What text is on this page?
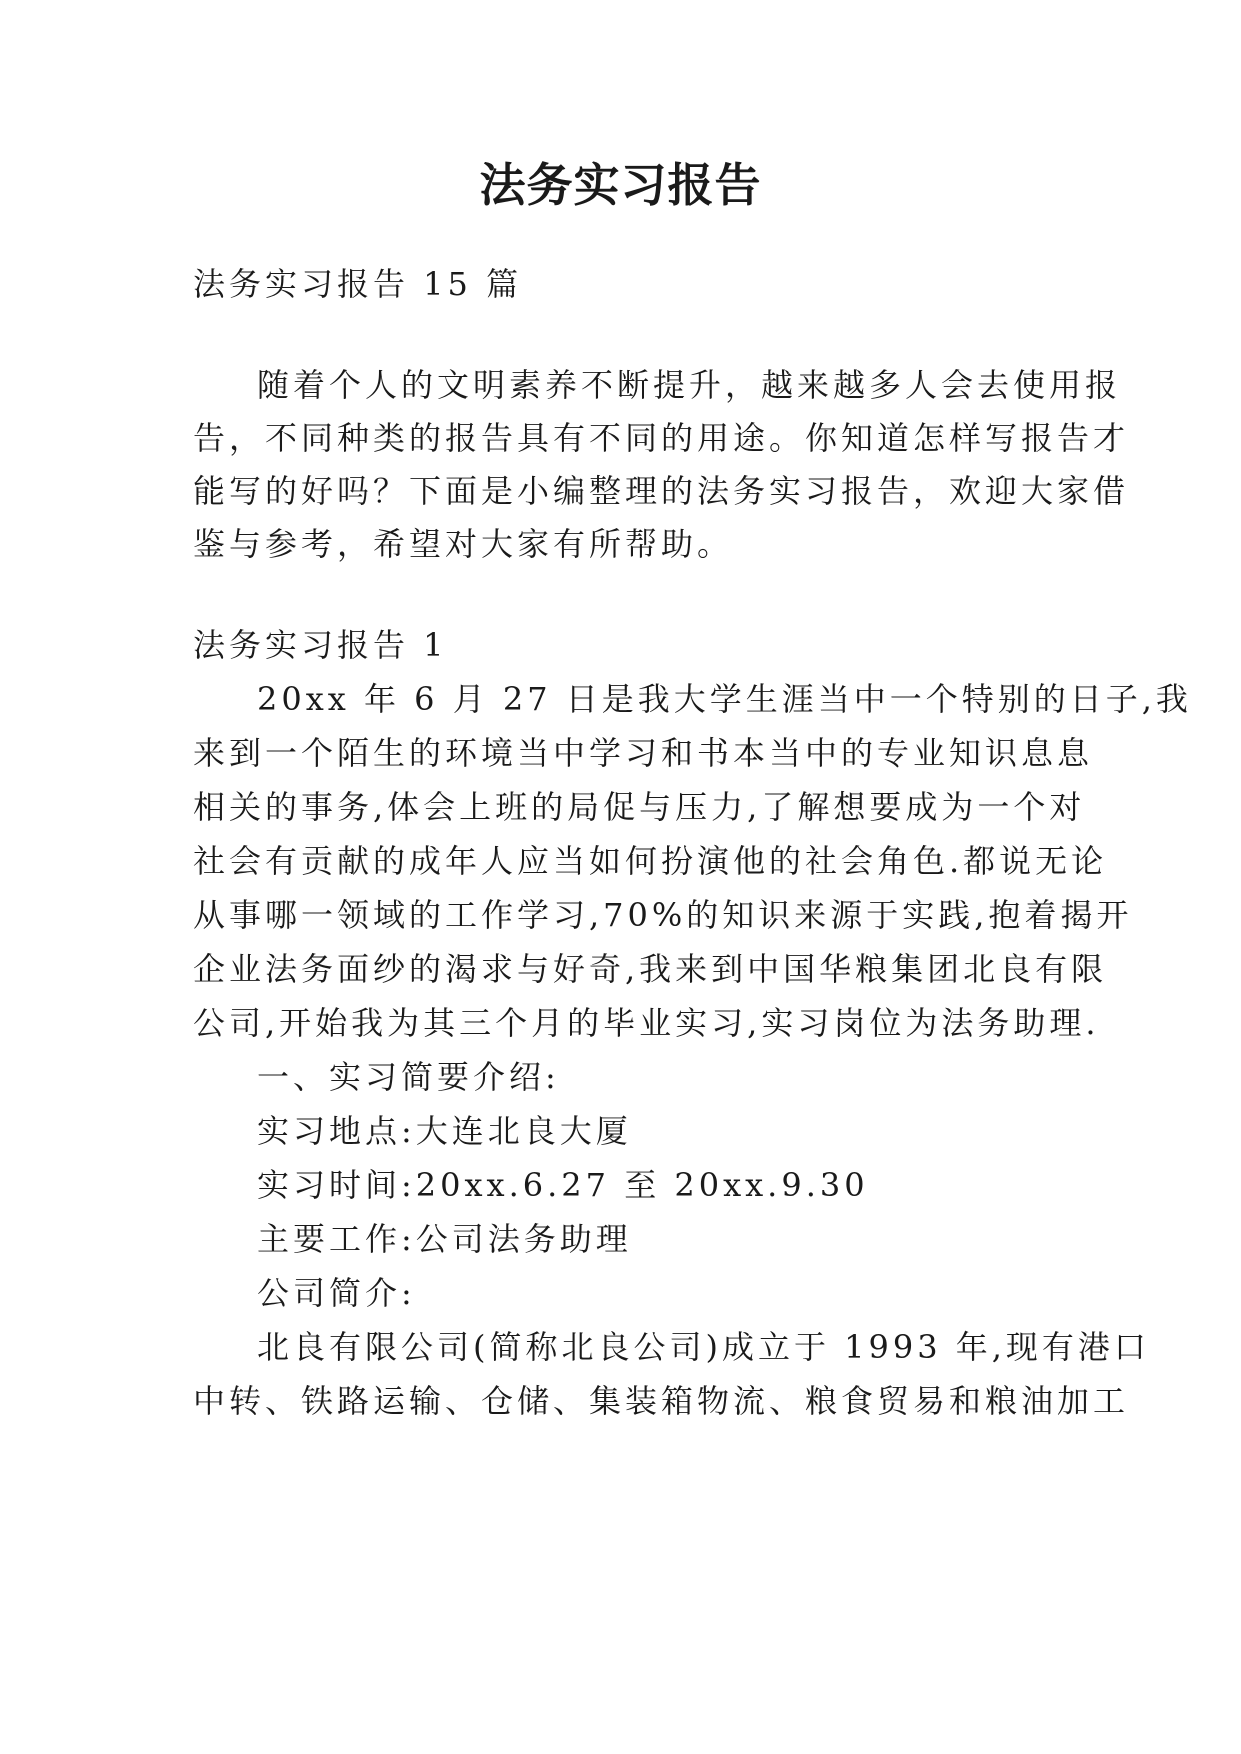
法务实习报告
法务实习报告 15 篇
随着个人的文明素养不断提升，越来越多人会去使用报
告，不同种类的报告具有不同的用途。你知道怎样写报告才
能写的好吗？下面是小编整理的法务实习报告，欢迎大家借
鉴与参考，希望对大家有所帮助。
法务实习报告 1
20xx 年 6 月 27 日是我大学生涯当中一个特别的日子,我
来到一个陌生的环境当中学习和书本当中的专业知识息息
相关的事务,体会上班的局促与压力,了解想要成为一个对
社会有贡献的成年人应当如何扮演他的社会角色.都说无论
从事哪一领域的工作学习,70%的知识来源于实践,抱着揭开
企业法务面纱的渴求与好奇,我来到中国华粮集团北良有限
公司,开始我为其三个月的毕业实习,实习岗位为法务助理.
一、实习简要介绍:
实习地点:大连北良大厦
实习时间:20xx.6.27 至 20xx.9.30
主要工作:公司法务助理
公司简介:
北良有限公司(简称北良公司)成立于 1993 年,现有港口
中转、铁路运输、仓储、集装箱物流、粮食贸易和粮油加工
